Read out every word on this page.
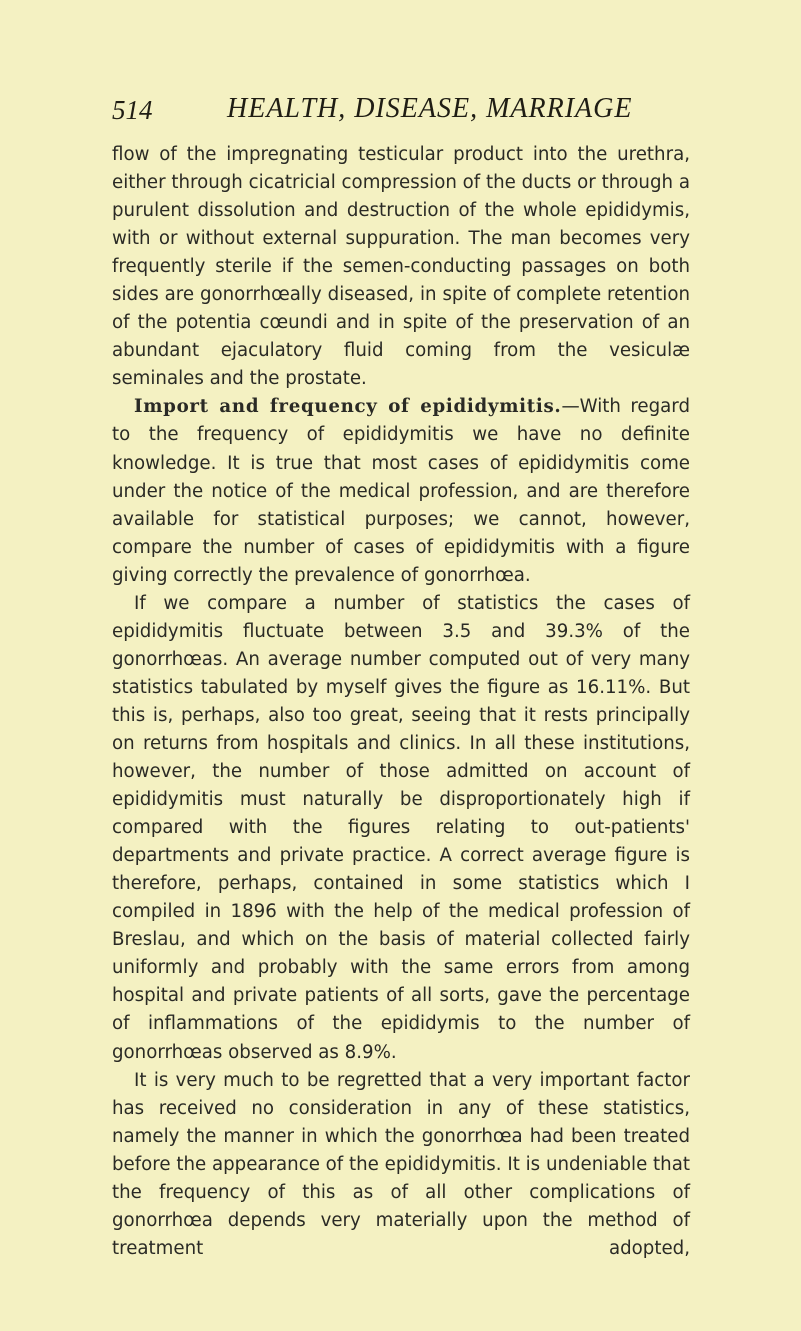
514	HEALTH, DISEASE, MARRIAGE

flow of the impregnating testicular product into the urethra, either through cicatricial compression of the ducts or through a purulent dissolution and destruction of the whole epididymis, with or without external suppuration. The man becomes very frequently sterile if the semen-conducting passages on both sides are gonorrhœally diseased, in spite of complete retention of the potentia cœundi and in spite of the preservation of an abundant ejaculatory fluid coming from the vesiculæ seminales and the prostate.

Import and frequency of epididymitis.—With regard to the frequency of epididymitis we have no definite knowledge. It is true that most cases of epididymitis come under the notice of the medical profession, and are therefore available for statistical purposes; we cannot, however, compare the number of cases of epididymitis with a figure giving correctly the prevalence of gonorrhœa.

If we compare a number of statistics the cases of epididymitis fluctuate between 3.5 and 39.3% of the gonorrhœas. An average number computed out of very many statistics tabulated by myself gives the figure as 16.11%. But this is, perhaps, also too great, seeing that it rests principally on returns from hospitals and clinics. In all these institutions, however, the number of those admitted on account of epididymitis must naturally be disproportionately high if compared with the figures relating to out-patients' departments and private practice. A correct average figure is therefore, perhaps, contained in some statistics which I compiled in 1896 with the help of the medical profession of Breslau, and which on the basis of material collected fairly uniformly and probably with the same errors from among hospital and private patients of all sorts, gave the percentage of inflammations of the epididymis to the number of gonorrhœas observed as 8.9%.

It is very much to be regretted that a very important factor has received no consideration in any of these statistics, namely the manner in which the gonorrhœa had been treated before the appearance of the epididymitis. It is undeniable that the frequency of this as of all other complications of gonorrhœa depends very materially upon the method of treatment adopted,
